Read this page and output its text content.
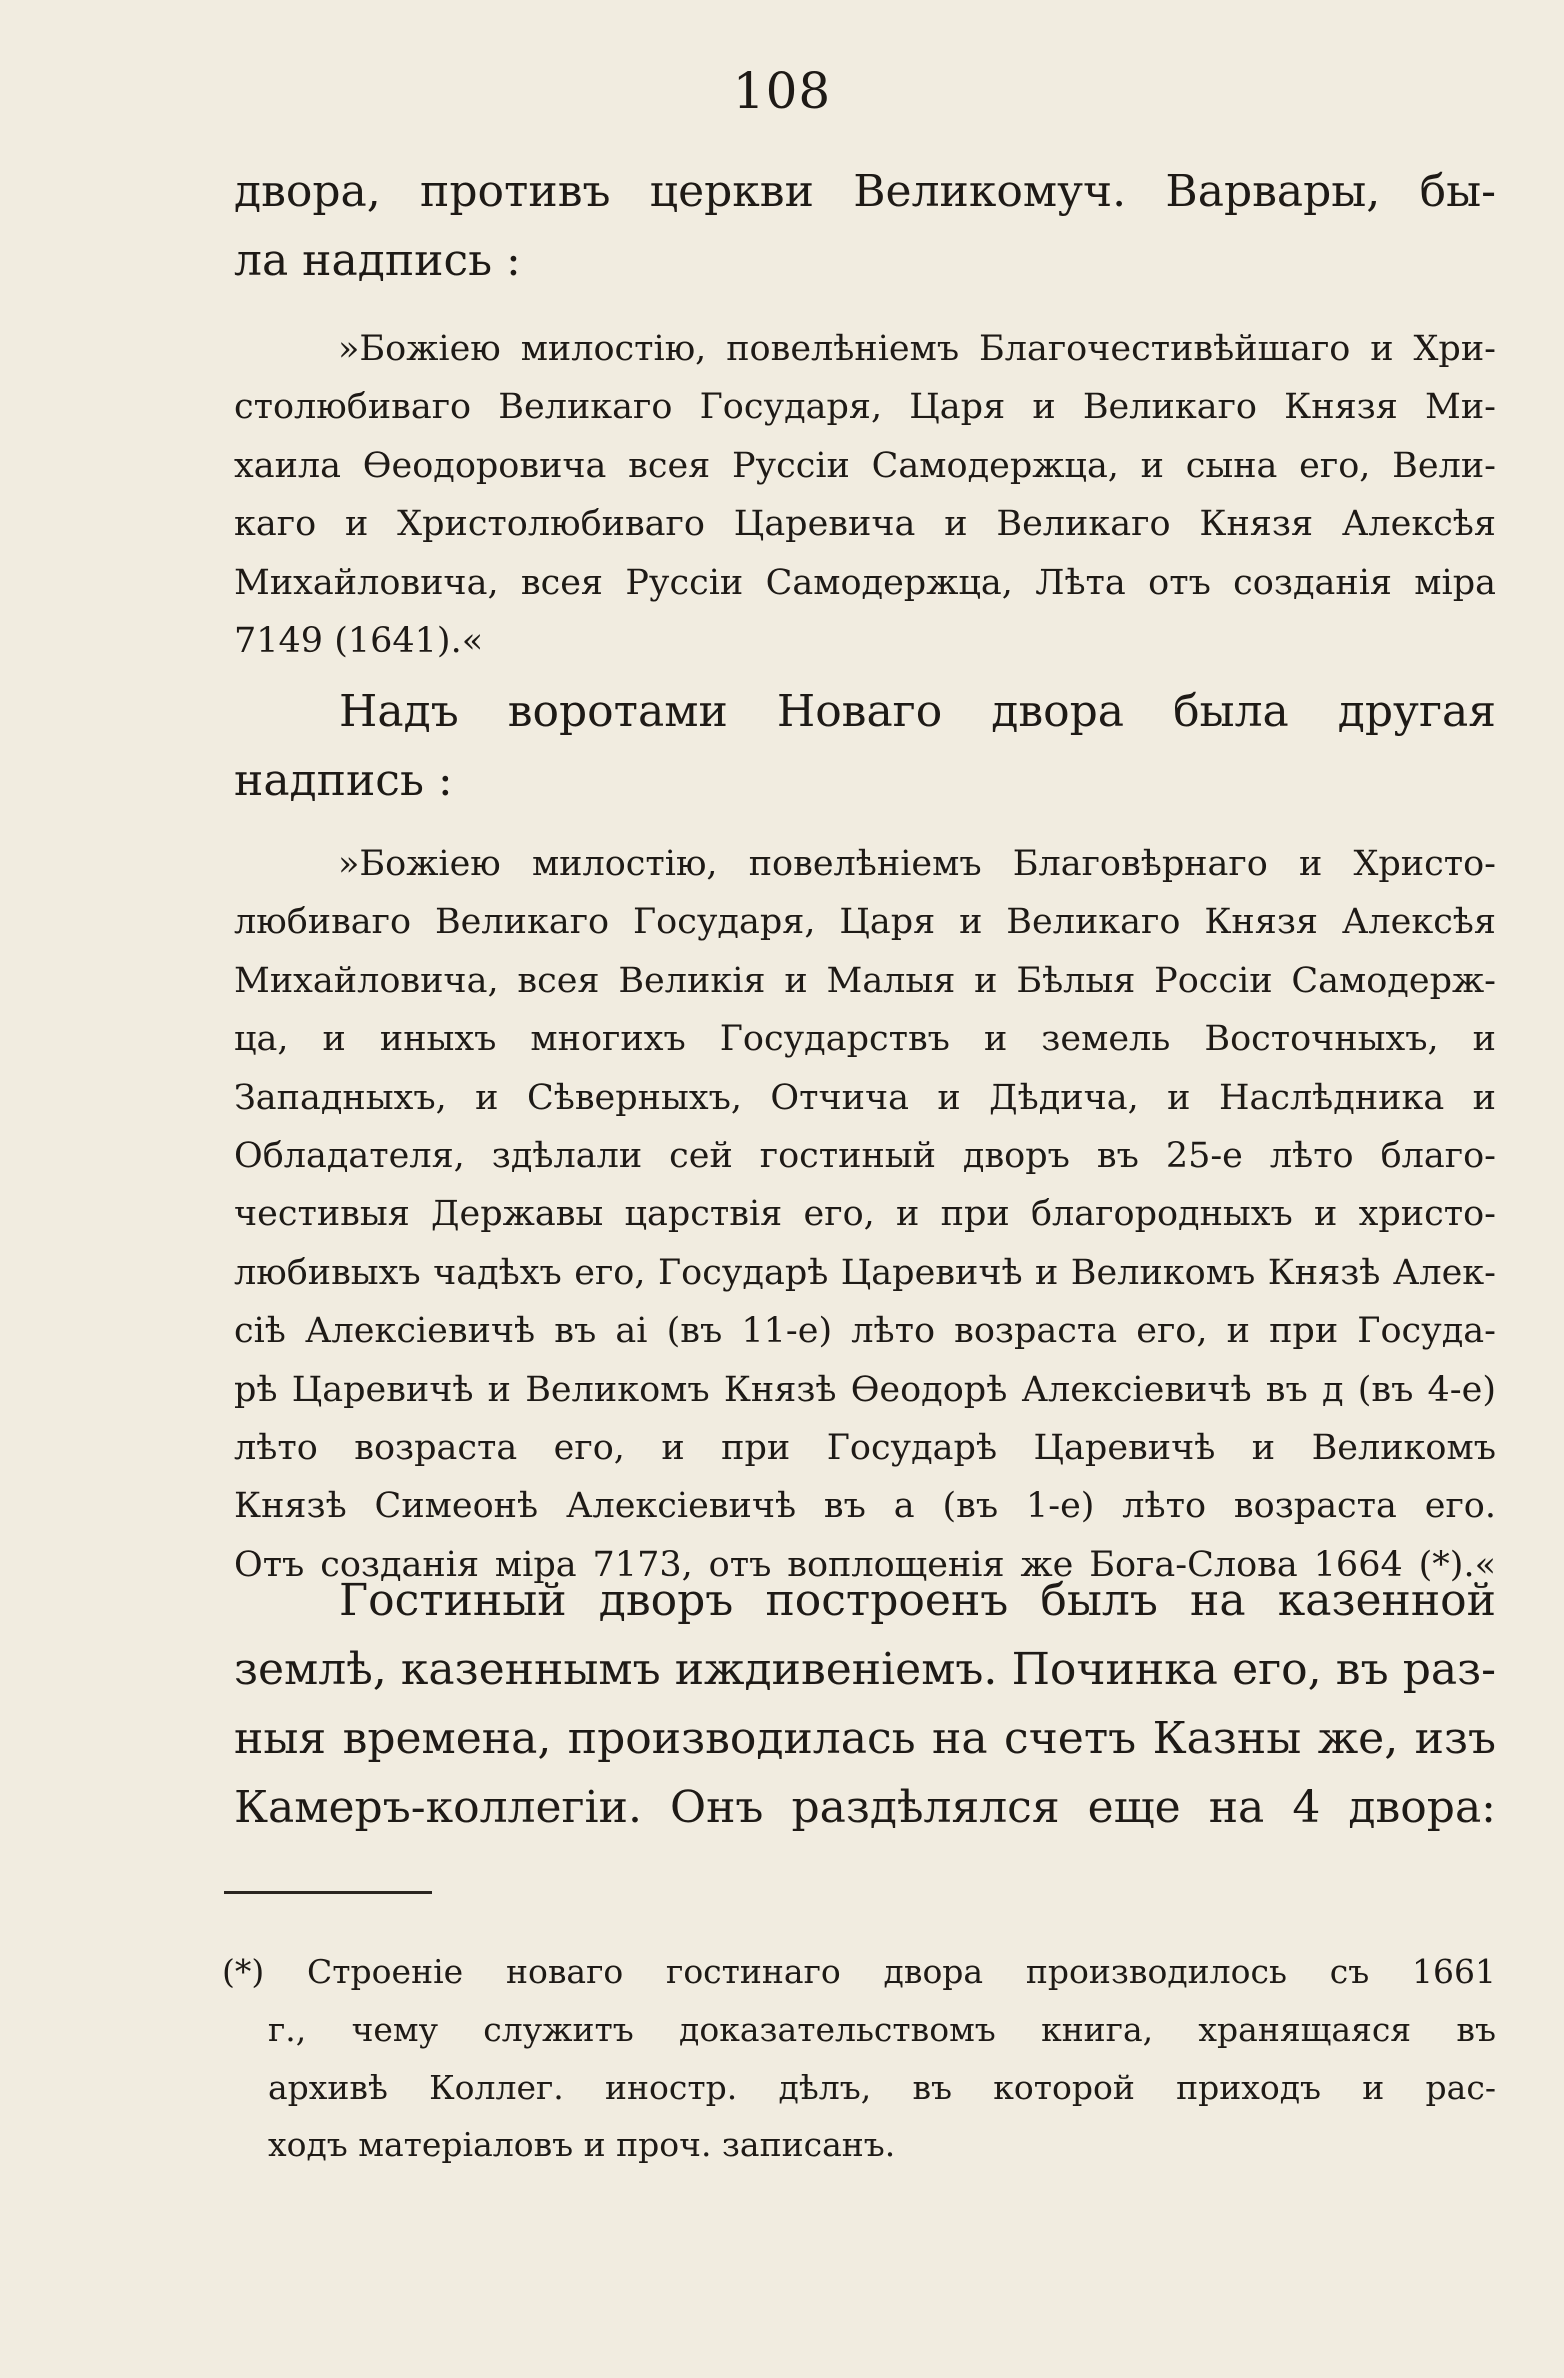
108
двора, противъ церкви Великомуч. Варвары, бы-
ла надпись :
»Божіею милостію, повелѣніемъ Благочестивѣйшаго и Хри-
столюбиваго Великаго Государя, Царя и Великаго Князя Ми-
хаила Ѳеодоровича всея Руссіи Самодержца, и сына его, Вели-
каго и Христолюбиваго Царевича и Великаго Князя Алексѣя
Михайловича, всея Руссіи Самодержца, Лѣта отъ созданія міра
7149 (1641).«
Надъ воротами Новаго двора была другая
надпись :
»Божіею милостію, повелѣніемъ Благовѣрнаго и Христо-
любиваго Великаго Государя, Царя и Великаго Князя Алексѣя
Михайловича, всея Великія и Малыя и Бѣлыя Россіи Самодерж-
ца, и иныхъ многихъ Государствъ и земель Восточныхъ, и
Западныхъ, и Сѣверныхъ, Отчича и Дѣдича, и Наслѣдника и
Обладателя, здѣлали сей гостиный дворъ въ 25-е лѣто благо-
честивыя Державы царствія его, и при благородныхъ и христо-
любивыхъ чадѣхъ его, Государѣ Царевичѣ и Великомъ Князѣ Алек-
сіѣ Алексіевичѣ въ аі (въ 11-е) лѣто возраста его, и при Госуда-
рѣ Царевичѣ и Великомъ Князѣ Ѳеодорѣ Алексіевичѣ въ д (въ 4-е)
лѣто возраста его, и при Государѣ Царевичѣ и Великомъ
Князѣ Симеонѣ Алексіевичѣ въ а (въ 1-е) лѣто возраста его.
Отъ созданія міра 7173, отъ воплощенія же Бога-Слова 1664 (*).«
Гостиный дворъ построенъ былъ на казенной
землѣ, казеннымъ иждивеніемъ. Починка его, въ раз-
ныя времена, производилась на счетъ Казны же, изъ
Камеръ-коллегіи. Онъ раздѣлялся еще на 4 двора:
(*) Строеніе новаго гостинаго двора производилось съ 1661
г., чему служитъ доказательствомъ книга, хранящаяся въ
архивѣ Коллег. иностр. дѣлъ, въ которой приходъ и рас-
ходъ матеріаловъ и проч. записанъ.
